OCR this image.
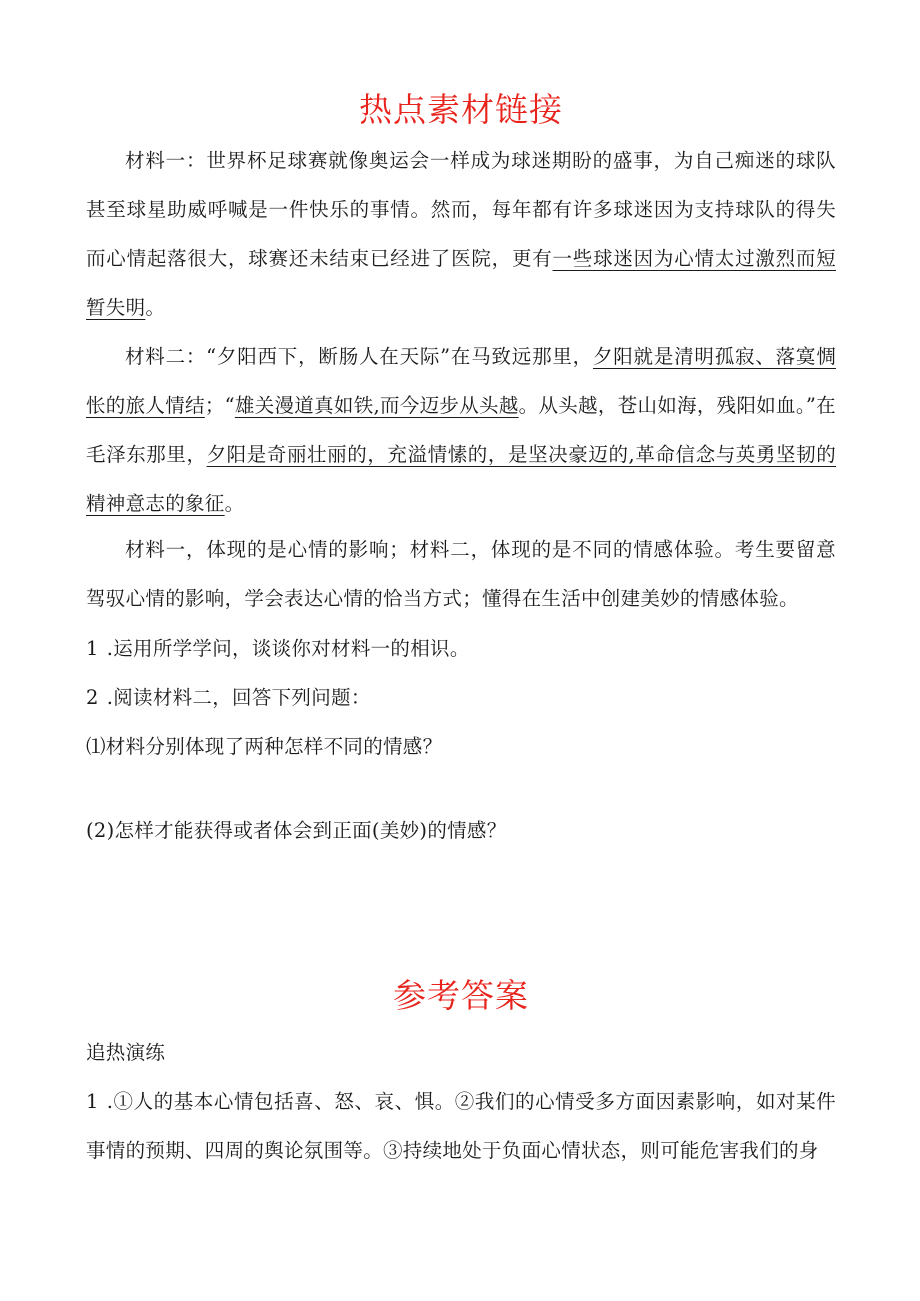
热点素材链接

材料一：世界杯足球赛就像奥运会一样成为球迷期盼的盛事，为自己痴迷的球队甚至球星助威呼喊是一件快乐的事情。然而，每年都有许多球迷因为支持球队的得失而心情起落很大，球赛还未结束已经进了医院，更有一些球迷因为心情太过激烈而短暂失明。

材料二：“夕阳西下，断肠人在天际”在马致远那里，夕阳就是清明孤寂、落寞惆怅的旅人情结；“雄关漫道真如铁,而今迈步从头越。从头越，苍山如海，残阳如血。”在毛泽东那里，夕阳是奇丽壮丽的，充溢情愫的，是坚决豪迈的,革命信念与英勇坚韧的精神意志的象征。

材料一，体现的是心情的影响；材料二，体现的是不同的情感体验。考生要留意驾驭心情的影响，学会表达心情的恰当方式；懂得在生活中创建美妙的情感体验。

1 .运用所学学问，谈谈你对材料一的相识。

2 .阅读材料二，回答下列问题：

⑴材料分别体现了两种怎样不同的情感？

(2)怎样才能获得或者体会到正面(美妙)的情感？

参考答案

追热演练

1 .①人的基本心情包括喜、怒、哀、惧。②我们的心情受多方面因素影响，如对某件事情的预期、四周的舆论氛围等。③持续地处于负面心情状态，则可能危害我们的身
